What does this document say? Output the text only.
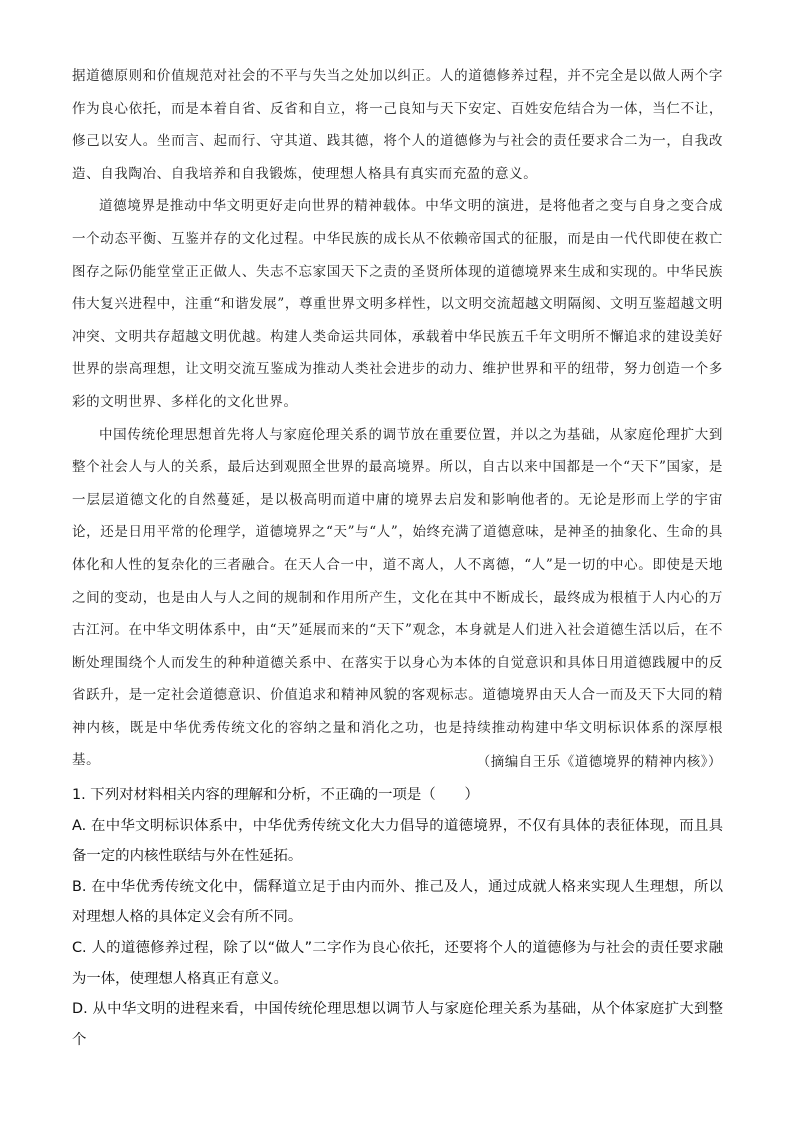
据道德原则和价值规范对社会的不平与失当之处加以纠正。人的道德修养过程，并不完全是以做人两个字作为良心依托，而是本着自省、反省和自立，将一己良知与天下安定、百姓安危结合为一体，当仁不让，修己以安人。坐而言、起而行、守其道、践其德，将个人的道德修为与社会的责任要求合二为一，自我改造、自我陶冶、自我培养和自我锻炼，使理想人格具有真实而充盈的意义。

道德境界是推动中华文明更好走向世界的精神载体。中华文明的演进，是将他者之变与自身之变合成一个动态平衡、互鉴并存的文化过程。中华民族的成长从不依赖帝国式的征服，而是由一代代即使在救亡图存之际仍能堂堂正正做人、失志不忘家国天下之责的圣贤所体现的道德境界来生成和实现的。中华民族伟大复兴进程中，注重“和谐发展”，尊重世界文明多样性，以文明交流超越文明隔阂、文明互鉴超越文明冲突、文明共存超越文明优越。构建人类命运共同体，承载着中华民族五千年文明所不懈追求的建设美好世界的崇高理想，让文明交流互鉴成为推动人类社会进步的动力、维护世界和平的纽带，努力创造一个多彩的文明世界、多样化的文化世界。

中国传统伦理思想首先将人与家庭伦理关系的调节放在重要位置，并以之为基础，从家庭伦理扩大到整个社会人与人的关系，最后达到观照全世界的最高境界。所以，自古以来中国都是一个“天下”国家，是一层层道德文化的自然蔓延，是以极高明而道中庸的境界去启发和影响他者的。无论是形而上学的宇宙论，还是日用平常的伦理学，道德境界之“天”与“人”，始终充满了道德意味，是神圣的抽象化、生命的具体化和人性的复杂化的三者融合。在天人合一中，道不离人，人不离德，“人”是一切的中心。即使是天地之间的变动，也是由人与人之间的规制和作用所产生，文化在其中不断成长，最终成为根植于人内心的万古江河。在中华文明体系中，由“天”延展而来的“天下”观念，本身就是人们进入社会道德生活以后，在不断处理围绕个人而发生的种种道德关系中、在落实于以身心为本体的自觉意识和具体日用道德践履中的反省跃升，是一定社会道德意识、价值追求和精神风貌的客观标志。道德境界由天人合一而及天下大同的精神内核，既是中华优秀传统文化的容纳之量和消化之功，也是持续推动构建中华文明标识体系的深厚根基。	（摘编自王乐《道德境界的精神内核》）

1. 下列对材料相关内容的理解和分析，不正确的一项是（　　）

A. 在中华文明标识体系中，中华优秀传统文化大力倡导的道德境界，不仅有具体的表征体现，而且具备一定的内核性联结与外在性延拓。

B. 在中华优秀传统文化中，儒释道立足于由内而外、推己及人，通过成就人格来实现人生理想，所以对理想人格的具体定义会有所不同。

C. 人的道德修养过程，除了以“做人”二字作为良心依托，还要将个人的道德修为与社会的责任要求融为一体，使理想人格真正有意义。

D. 从中华文明的进程来看，中国传统伦理思想以调节人与家庭伦理关系为基础，从个体家庭扩大到整个
